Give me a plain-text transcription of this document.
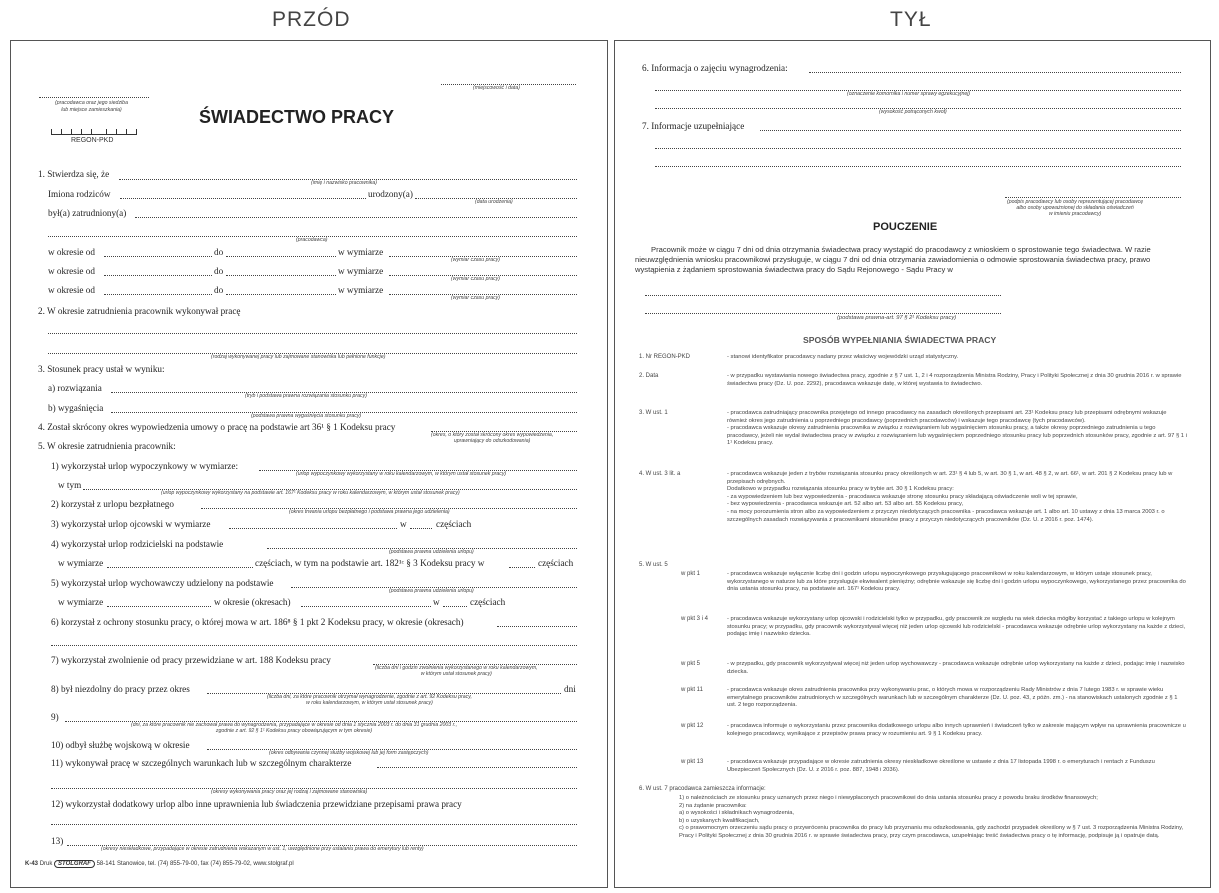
PRZÓD	TYŁ
(miejscowość i data)
(pracodawca oraz jego siedziba
lub miejsce zamieszkania)
REGON-PKD
ŚWIADECTWO PRACY
1. Stwierdza się, że
(imię i nazwisko pracownika)
Imiona rodziców	urodzony(a)
(data urodzenia)
był(a) zatrudniony(a)
(pracodawca)
w okresie od	do	w wymiarze
(wymiar czasu pracy)
w okresie od	do	w wymiarze
(wymiar czasu pracy)
w okresie od	do	w wymiarze
(wymiar czasu pracy)
2. W okresie zatrudnienia pracownik wykonywał pracę
(rodzaj wykonywanej pracy lub zajmowane stanowiska lub pełnione funkcje)
3. Stosunek pracy ustał w wyniku:
a) rozwiązania
(tryb i podstawa prawna rozwiązania stosunku pracy)
b) wygaśnięcia
(podstawa prawna wygaśnięcia stosunku pracy)
4. Został skrócony okres wypowiedzenia umowy o pracę na podstawie art 36¹ § 1 Kodeksu pracy
(okres, o który został skrócony okres wypowiedzenia,
uprawniający do odszkodowania)
5. W okresie zatrudnienia pracownik:
1) wykorzystał urlop wypoczynkowy w wymiarze:
(urlop wypoczynkowy wykorzystany w roku kalendarzowym, w którym ustał stosunek pracy)
w tym
(urlop wypoczynkowy wykorzystany na podstawie art. 167¹ Kodeksu pracy w roku kalendarzowym, w którym ustał stosunek pracy)
2) korzystał z urlopu bezpłatnego
(okres trwania urlopu bezpłatnego i podstawa prawna jego udzielenia)
3) wykorzystał urlop ojcowski w wymiarze	w	częściach
4) wykorzystał urlop rodzicielski na podstawie
(podstawa prawna udzielenia urlopu)
w wymiarze	częściach, w tym na podstawie art. 182¹ᶜ § 3 Kodeksu pracy w	częściach
5) wykorzystał urlop wychowawczy udzielony na podstawie
(podstawa prawna udzielenia urlopu)
w wymiarze	w okresie (okresach)	w	częściach
6) korzystał z ochrony stosunku pracy, o której mowa w art. 186⁸ § 1 pkt 2 Kodeksu pracy, w okresie (okresach)
7) wykorzystał zwolnienie od pracy przewidziane w art. 188 Kodeksu pracy
(liczba dni i godzin zwolnienia wykorzystanego w roku kalendarzowym,
w którym ustał stosunek pracy)
8) był niezdolny do pracy przez okres	dni
(liczba dni, za które pracownik otrzymał wynagrodzenie, zgodnie z art. 92 Kodeksu pracy,
w roku kalendarzowym, w którym ustał stosunek pracy)
9)
(dni, za które pracownik nie zachował prawa do wynagrodzenia, przypadające w okresie od dnia 1 stycznia 2003 r. do dnia 31 grudnia 2003 r.,
zgodnie z art. 92 § 1¹ Kodeksu pracy obowiązującym w tym okresie)
10) odbył służbę wojskową w okresie
(okres odbywania czynnej służby wojskowej lub jej form zastępczych)
11) wykonywał pracę w szczególnych warunkach lub w szczególnym charakterze
(okresy wykonywania pracy oraz jej rodzaj i zajmowane stanowiska)
12) wykorzystał dodatkowy urlop albo inne uprawnienia lub świadczenia przewidziane przepisami prawa pracy
13)
(okresy nieskładkowe, przypadające w okresie zatrudnienia wskazanym w ust. 1, uwzględnione przy ustalaniu prawa do emerytury lub renty)
K-43 Druk STOLGRAF 58-141 Stanowice, tel. (74) 855-79-00, fax (74) 855-79-02, www.stolgraf.pl
6. Informacja o zajęciu wynagrodzenia:
(oznaczenie komornika i numer sprawy egzekucyjnej)
(wysokość potrąconych kwot)
7. Informacje uzupełniające
(podpis pracodawcy lub osoby reprezentującej pracodawcę
albo osoby upoważnionej do składania oświadczeń
w imieniu pracodawcy)
POUCZENIE
Pracownik może w ciągu 7 dni od dnia otrzymania świadectwa pracy wystąpić do pracodawcy z wnioskiem o sprostowanie tego świadectwa. W razie nieuwzględnienia wniosku pracownikowi przysługuje, w ciągu 7 dni od dnia otrzymania zawiadomienia o odmowie sprostowania świadectwa pracy, prawo wystąpienia z żądaniem sprostowania świadectwa pracy do Sądu Rejonowego - Sądu Pracy w
(podstawa prawna-art. 97 § 2¹ Kodeksu pracy)
SPOSÓB WYPEŁNIANIA ŚWIADECTWA PRACY
1. Nr REGON-PKD	- stanowi identyfikator pracodawcy nadany przez właściwy wojewódzki urząd statystyczny.
2. Data	- w przypadku wystawiania nowego świadectwa pracy, zgodnie z § 7 ust. 1, 2 i 4 rozporządzenia Ministra Rodziny, Pracy i Polityki Społecznej z dnia 30 grudnia 2016 r. w sprawie świadectwa pracy (Dz. U. poz. 2292), pracodawca wskazuje datę, w której wystawia to świadectwo.
3. W ust. 1	- pracodawca zatrudniający pracownika przejętego od innego pracodawcy na zasadach określonych przepisami art. 23¹ Kodeksu pracy lub przepisami odrębnymi wskazuje również okres jego zatrudnienia u poprzedniego pracodawcy (poprzednich pracodawców) i wskazuje tego pracodawcę (tych pracodawców).
- pracodawca wskazuje okresy zatrudnienia pracownika w związku z rozwiązaniem lub wygaśnięciem stosunku pracy, a także okresy poprzedniego zatrudnienia u tego pracodawcy, jeżeli nie wydał świadectwa pracy w związku z rozwiązaniem lub wygaśnięciem poprzedniego stosunku pracy lub poprzednich stosunków pracy, zgodnie z art. 97 § 1 i 1¹ Kodeksu pracy.
4. W ust. 3 lit. a	- pracodawca wskazuje jeden z trybów rozwiązania stosunku pracy określonych w art. 23¹ § 4 lub 5, w art. 30 § 1, w art. 48 § 2, w art. 66¹, w art. 201 § 2 Kodeksu pracy lub w przepisach odrębnych.
Dodatkowo w przypadku rozwiązania stosunku pracy w trybie art. 30 § 1 Kodeksu pracy:
- za wypowiedzeniem lub bez wypowiedzenia - pracodawca wskazuje stronę stosunku pracy składającą oświadczenie woli w tej sprawie,
- bez wypowiedzenia - pracodawca wskazuje art. 52 albo art. 53 albo art. 55 Kodeksu pracy,
- na mocy porozumienia stron albo za wypowiedzeniem z przyczyn niedotyczących pracownika - pracodawca wskazuje art. 1 albo art. 10 ustawy z dnia 13 marca 2003 r. o szczególnych zasadach rozwiązywania z pracownikami stosunków pracy z przyczyn niedotyczących pracowników (Dz. U. z 2016 r. poz. 1474).
5. W ust. 5
w pkt 1	- pracodawca wskazuje wyłącznie liczbę dni i godzin urlopu wypoczynkowego przysługującego pracownikowi w roku kalendarzowym, w którym ustaje stosunek pracy, wykorzystanego w naturze lub za które przysługuje ekwiwalent pieniężny; odrębnie wskazuje się liczbę dni i godzin urlopu wypoczynkowego, wykorzystanego przez pracownika do dnia ustania stosunku pracy, na podstawie art. 167¹ Kodeksu pracy.
w pkt 3 i 4	- pracodawca wskazuje wykorzystany urlop ojcowski i rodzicielski tylko w przypadku, gdy pracownik ze względu na wiek dziecka mógłby korzystać z takiego urlopu w kolejnym stosunku pracy; w przypadku, gdy pracownik wykorzystywał więcej niż jeden urlop ojcowski lub rodzicielski - pracodawca wskazuje odrębnie urlop wykorzystany na każde z dzieci, podając imię i nazwisko dziecka.
w pkt 5	- w przypadku, gdy pracownik wykorzystywał więcej niż jeden urlop wychowawczy - pracodawca wskazuje odrębnie urlop wykorzystany na każde z dzieci, podając imię i nazwisko dziecka.
w pkt 11	- pracodawca wskazuje okres zatrudnienia pracownika przy wykonywaniu prac, o których mowa w rozporządzeniu Rady Ministrów z dnia 7 lutego 1983 r. w sprawie wieku emerytalnego pracowników zatrudnionych w szczególnych warunkach lub w szczególnym charakterze (Dz. U. poz. 43, z późn. zm.) - na stanowiskach ustalonych zgodnie z § 1 ust. 2 tego rozporządzenia.
w pkt 12	- pracodawca informuje o wykorzystaniu przez pracownika dodatkowego urlopu albo innych uprawnień i świadczeń tylko w zakresie mającym wpływ na uprawnienia pracownicze u kolejnego pracodawcy, wynikające z przepisów prawa pracy w rozumieniu art. 9 § 1 Kodeksu pracy.
w pkt 13	- pracodawca wskazuje przypadające w okresie zatrudnienia okresy nieskładkowe określone w ustawie z dnia 17 listopada 1998 r. o emeryturach i rentach z Funduszu Ubezpieczeń Społecznych (Dz. U. z 2016 r. poz. 887, 1948 i 2036).
6. W ust. 7 pracodawca zamieszcza informacje:
1) o należnościach ze stosunku pracy uznanych przez niego i niewypłaconych pracownikowi do dnia ustania stosunku pracy z powodu braku środków finansowych;
2) na żądanie pracownika:
a) o wysokości i składnikach wynagrodzenia,
b) o uzyskanych kwalifikacjach,
c) o prawomocnym orzeczeniu sądu pracy o przywróceniu pracownika do pracy lub przyznaniu mu odszkodowania, gdy zachodzi przypadek określony w § 7 ust. 3 rozporządzenia Ministra Rodziny, Pracy i Polityki Społecznej z dnia 30 grudnia 2016 r. w sprawie świadectwa pracy, przy czym pracodawca, uzupełniając treść świadectwa pracy o tę informację, podpisuje ją i opatruje datą.
